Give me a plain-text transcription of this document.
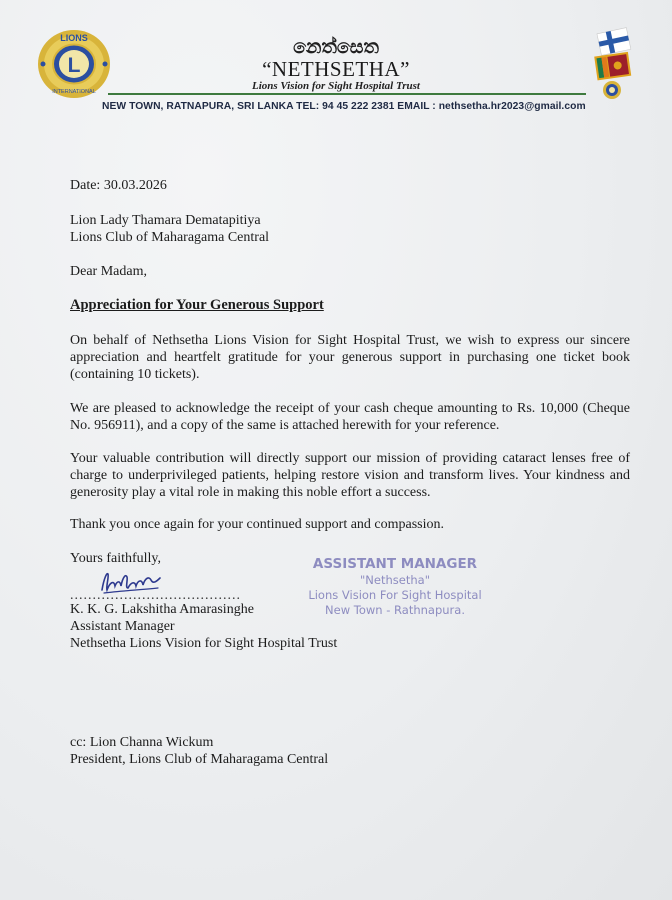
L
LIONS
INTERNATIONAL
නෙත්සෙත
“NETHSETHA”
Lions Vision for Sight Hospital Trust
NEW TOWN, RATNAPURA, SRI LANKA TEL: 94 45 222 2381 EMAIL : nethsetha.hr2023@gmail.com
Date: 30.03.2026
Lion Lady Thamara Dematapitiya
Lions Club of Maharagama Central
Dear Madam,
Appreciation for Your Generous Support
On behalf of Nethsetha Lions Vision for Sight Hospital Trust, we wish to express our sincere appreciation and heartfelt gratitude for your generous support in purchasing one ticket book (containing 10 tickets).
We are pleased to acknowledge the receipt of your cash cheque amounting to Rs. 10,000 (Cheque No. 956911), and a copy of the same is attached herewith for your reference.
Your valuable contribution will directly support our mission of providing cataract lenses free of charge to underprivileged patients, helping restore vision and transform lives. Your kindness and generosity play a vital role in making this noble effort a success.
Thank you once again for your continued support and compassion.
Yours faithfully,
......................................
K. K. G. Lakshitha Amarasinghe
Assistant Manager
Nethsetha Lions Vision for Sight Hospital Trust
ASSISTANT MANAGER
"Nethsetha"
Lions Vision For Sight Hospital
New Town - Rathnapura.
cc: Lion Channa Wickum
President, Lions Club of Maharagama Central
